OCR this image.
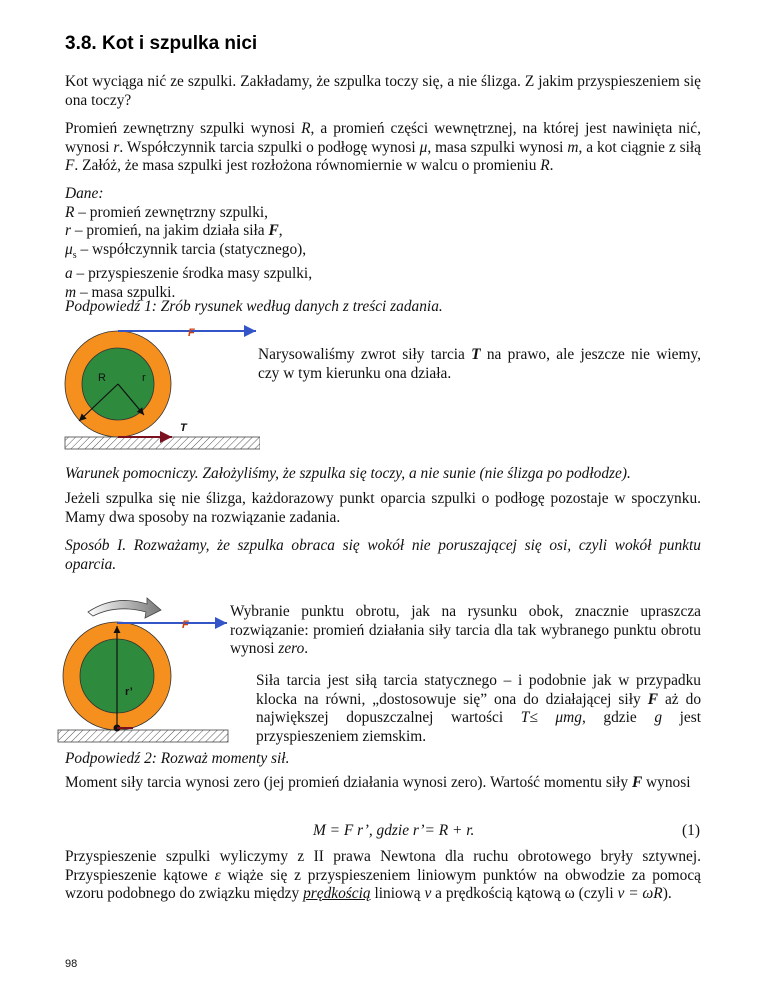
3.8. Kot i szpulka nici
Kot wyciąga nić ze szpulki. Zakładamy, że szpulka toczy się, a nie ślizga. Z jakim przyspieszeniem się ona toczy?
Promień zewnętrzny szpulki wynosi R, a promień części wewnętrznej, na której jest nawinięta nić, wynosi r. Współczynnik tarcia szpulki o podłogę wynosi μ, masa szpulki wynosi m, a kot ciągnie z siłą F. Załóż, że masa szpulki jest rozłożona równomiernie w walcu o promieniu R.
Dane:
R – promień zewnętrzny szpulki,
r – promień, na jakim działa siła F,
$\mu_s$ – współczynnik tarcia (statycznego),
a – przyspieszenie środka masy szpulki,
m – masa szpulki.
Podpowiedź 1: Zrób rysunek według danych z treści zadania.
F
R	r
T
Narysowaliśmy zwrot siły tarcia T na prawo, ale jeszcze nie wiemy, czy w tym kierunku ona działa.
Warunek pomocniczy. Założyliśmy, że szpulka się toczy, a nie sunie (nie ślizga po podłodze).
Jeżeli szpulka się nie ślizga, każdorazowy punkt oparcia szpulki o podłogę pozostaje w spoczynku. Mamy dwa sposoby na rozwiązanie zadania.
Sposób I. Rozważamy, że szpulka obraca się wokół nie poruszającej się osi, czyli wokół punktu oparcia.
F
r’
Wybranie punktu obrotu, jak na rysunku obok, znacznie upraszcza rozwiązanie: promień działania siły tarcia dla tak wybranego punktu obrotu wynosi zero.
Siła tarcia jest siłą tarcia statycznego – i podobnie jak w przypadku klocka na równi, „dostosowuje się” ona do działającej siły F aż do największej dopuszczalnej wartości T≤ μmg, gdzie g jest przyspieszeniem ziemskim.
Podpowiedź 2: Rozważ momenty sił.
Moment siły tarcia wynosi zero (jej promień działania wynosi zero). Wartość momentu siły F wynosi
M = F r’, gdzie r’= R + r.	(1)
Przyspieszenie szpulki wyliczymy z II prawa Newtona dla ruchu obrotowego bryły sztywnej. Przyspieszenie kątowe ε wiąże się z przyspieszeniem liniowym punktów na obwodzie za pomocą wzoru podobnego do związku między prędkością liniową v a prędkością kątową ω (czyli v = ωR).
98
